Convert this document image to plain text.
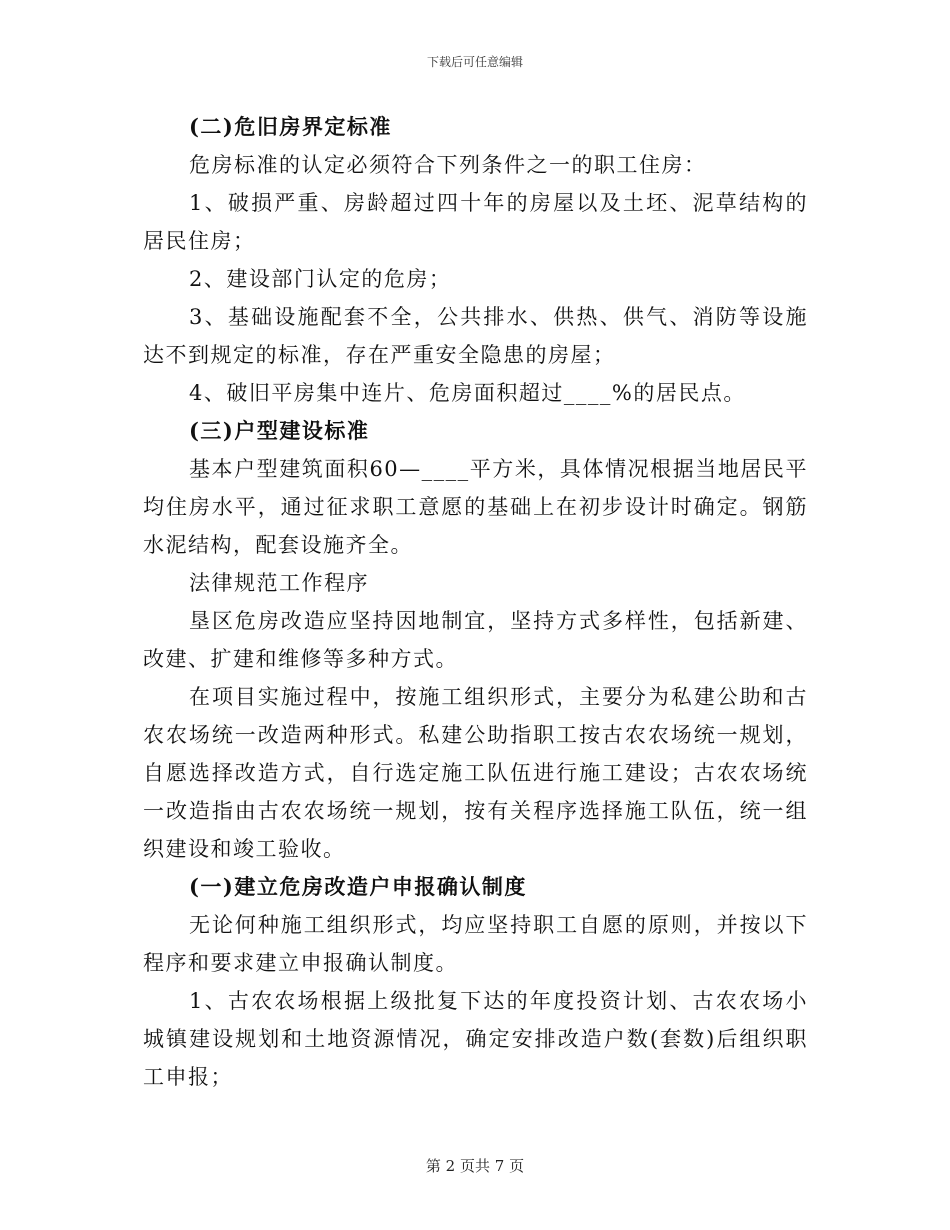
下载后可任意编辑

(二)危旧房界定标准

危房标准的认定必须符合下列条件之一的职工住房：

1、破损严重、房龄超过四十年的房屋以及土坯、泥草结构的居民住房；

2、建设部门认定的危房；

3、基础设施配套不全，公共排水、供热、供气、消防等设施达不到规定的标准，存在严重安全隐患的房屋；

4、破旧平房集中连片、危房面积超过____%的居民点。

(三)户型建设标准

基本户型建筑面积60—____平方米，具体情况根据当地居民平均住房水平，通过征求职工意愿的基础上在初步设计时确定。钢筋水泥结构，配套设施齐全。

法律规范工作程序

垦区危房改造应坚持因地制宜，坚持方式多样性，包括新建、改建、扩建和维修等多种方式。

在项目实施过程中，按施工组织形式，主要分为私建公助和古农农场统一改造两种形式。私建公助指职工按古农农场统一规划，自愿选择改造方式，自行选定施工队伍进行施工建设；古农农场统一改造指由古农农场统一规划，按有关程序选择施工队伍，统一组织建设和竣工验收。

(一)建立危房改造户申报确认制度

无论何种施工组织形式，均应坚持职工自愿的原则，并按以下程序和要求建立申报确认制度。

1、古农农场根据上级批复下达的年度投资计划、古农农场小城镇建设规划和土地资源情况，确定安排改造户数(套数)后组织职工申报；

第 2 页共 7 页
